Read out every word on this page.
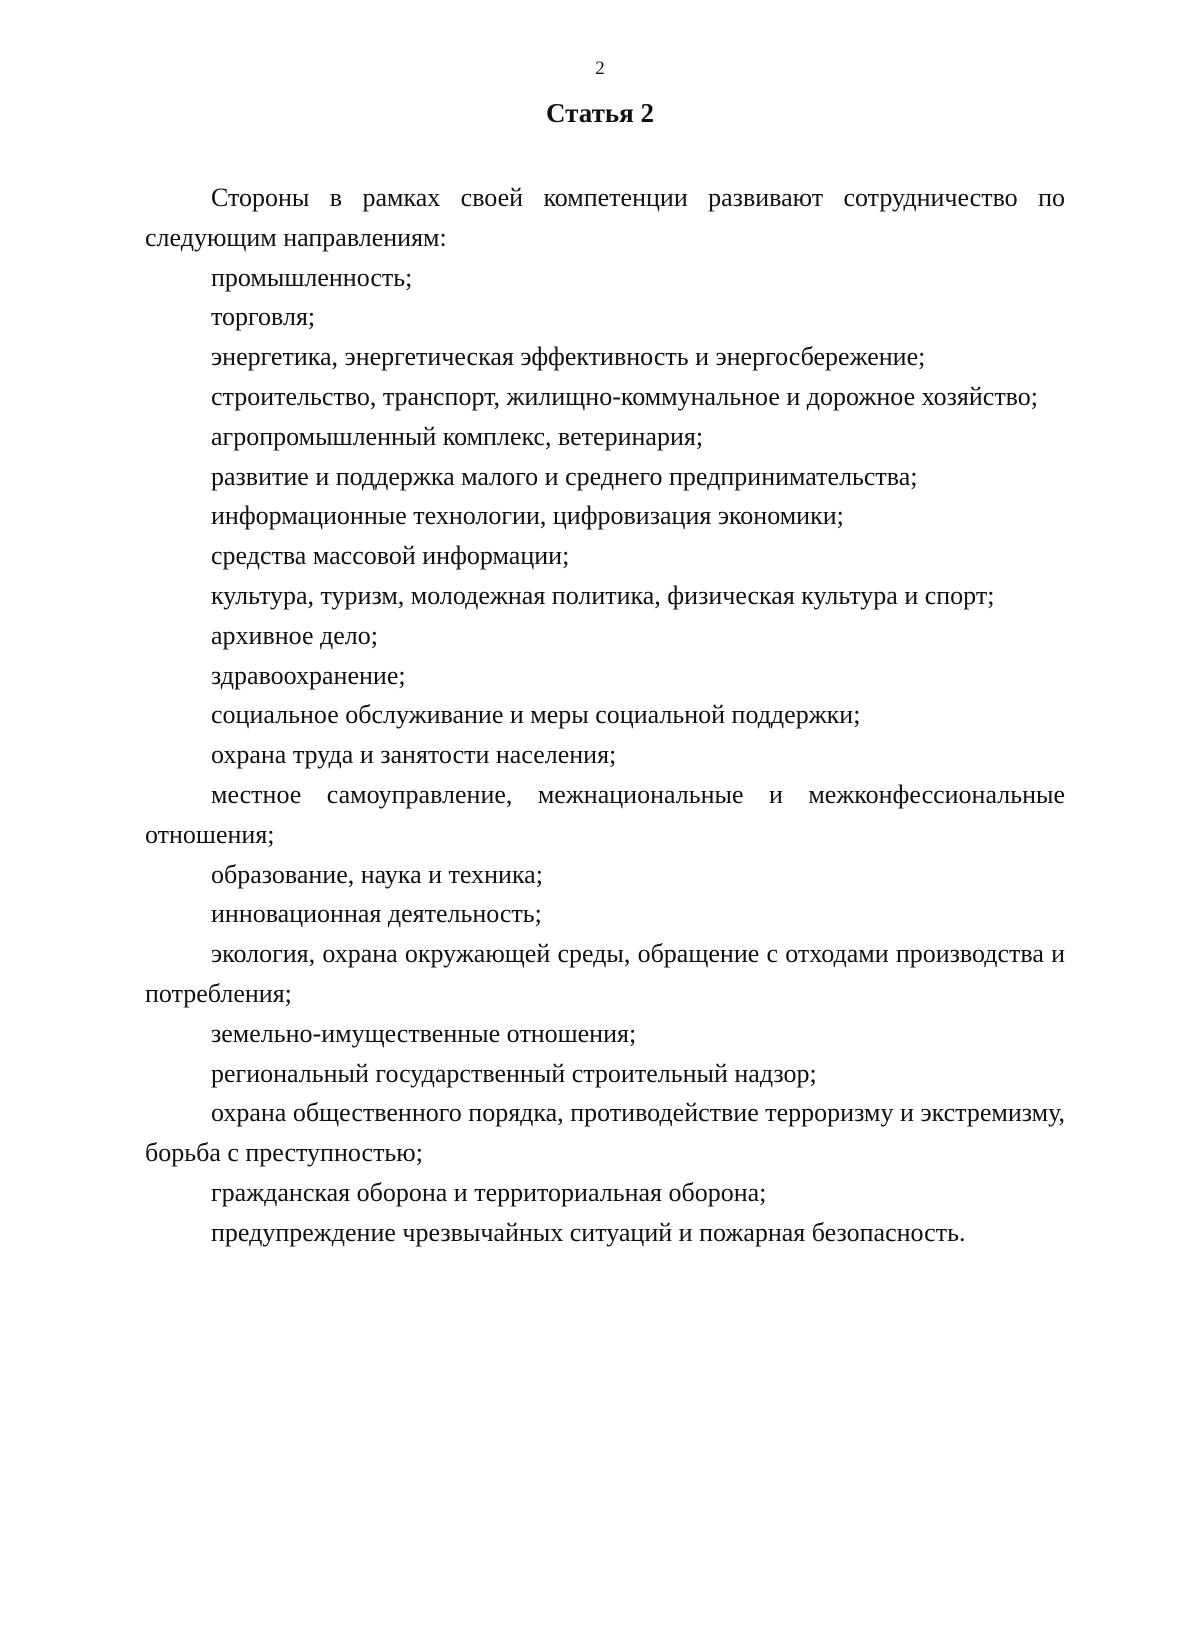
2
Статья 2

Стороны в рамках своей компетенции развивают сотрудничество по следующим направлениям:

промышленность;

торговля;

энергетика, энергетическая эффективность и энергосбережение;

строительство, транспорт, жилищно-коммунальное и дорожное хозяйство;

агропромышленный комплекс, ветеринария;

развитие и поддержка малого и среднего предпринимательства;

информационные технологии, цифровизация экономики;

средства массовой информации;

культура, туризм, молодежная политика, физическая культура и спорт;

архивное дело;

здравоохранение;

социальное обслуживание и меры социальной поддержки;

охрана труда и занятости населения;

местное самоуправление, межнациональные и межконфессиональные отношения;

образование, наука и техника;

инновационная деятельность;

экология, охрана окружающей среды, обращение с отходами производства и потребления;

земельно-имущественные отношения;

региональный государственный строительный надзор;

охрана общественного порядка, противодействие терроризму и экстремизму, борьба с преступностью;

гражданская оборона и территориальная оборона;

предупреждение чрезвычайных ситуаций и пожарная безопасность.
